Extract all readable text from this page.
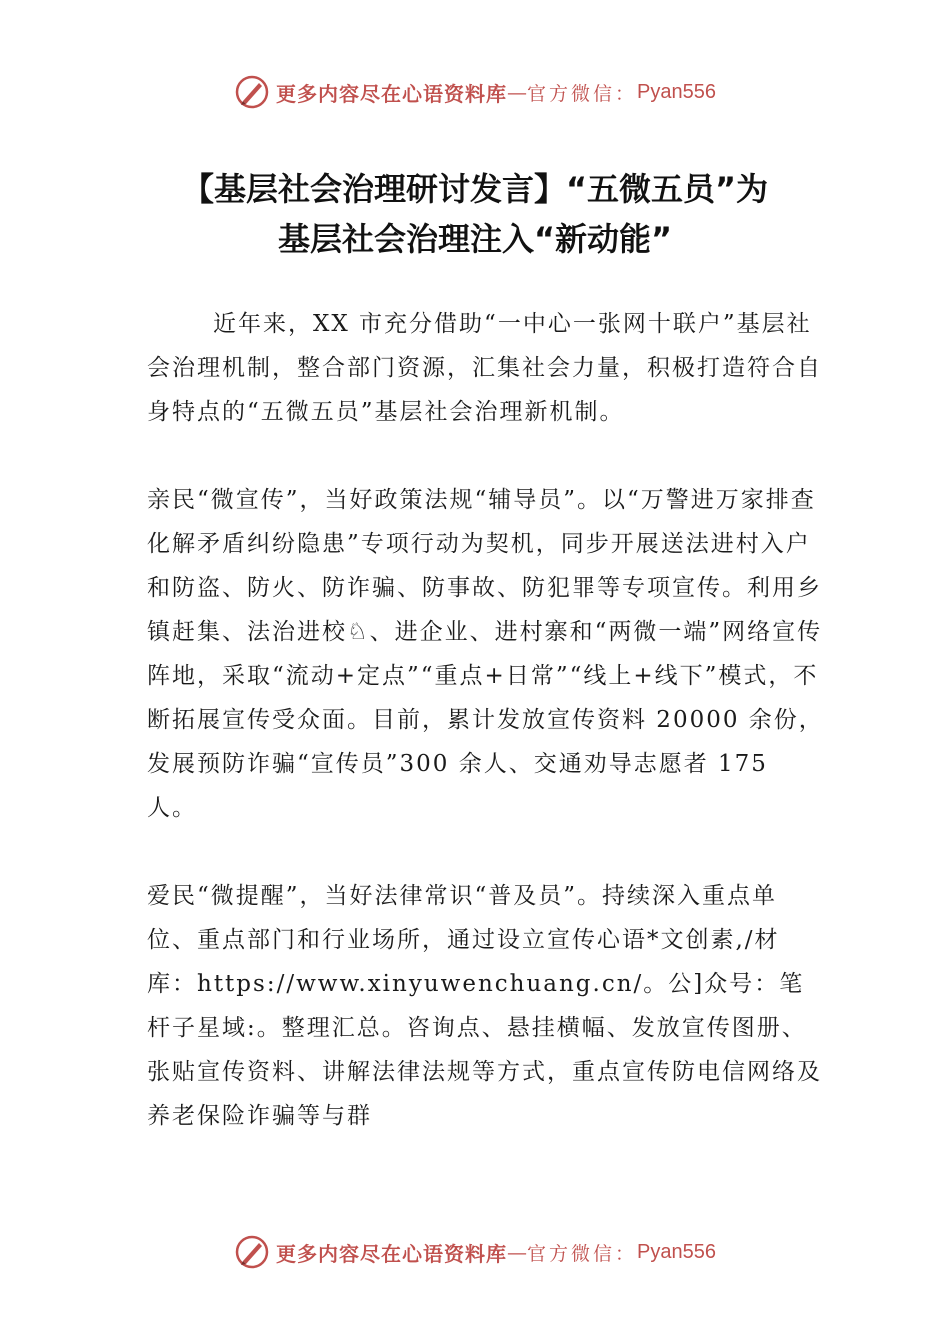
更多内容尽在心语资料库 — 官方微信： Pyan556
【基层社会治理研讨发言】“五微五员”为
基层社会治理注入“新动能”

近年来，XX 市充分借助“一中心一张网十联户”基层社会治理机制，整合部门资源，汇集社会力量，积极打造符合自身特点的“五微五员”基层社会治理新机制。

亲民“微宣传”，当好政策法规“辅导员”。以“万警进万家排查化解矛盾纠纷隐患”专项行动为契机，同步开展送法进村入户和防盗、防火、防诈骗、防事故、防犯罪等专项宣传。利用乡镇赶集、法治进校♘、进企业、进村寨和“两微一端”网络宣传阵地，采取“流动+定点”“重点+日常”“线上+线下”模式，不断拓展宣传受众面。目前，累计发放宣传资料 20000 余份，发展预防诈骗“宣传员”300 余人、交通劝导志愿者 175 人。

爱民“微提醒”，当好法律常识“普及员”。持续深入重点单位、重点部门和行业场所，通过设立宣传心语*文创素,/材库：https://www.xinyuwenchuang.cn/。公]众号：笔杆子星域:。整理汇总。咨询点、悬挂横幅、发放宣传图册、张贴宣传资料、讲解法律法规等方式，重点宣传防电信网络及养老保险诈骗等与群

更多内容尽在心语资料库 — 官方微信： Pyan556
